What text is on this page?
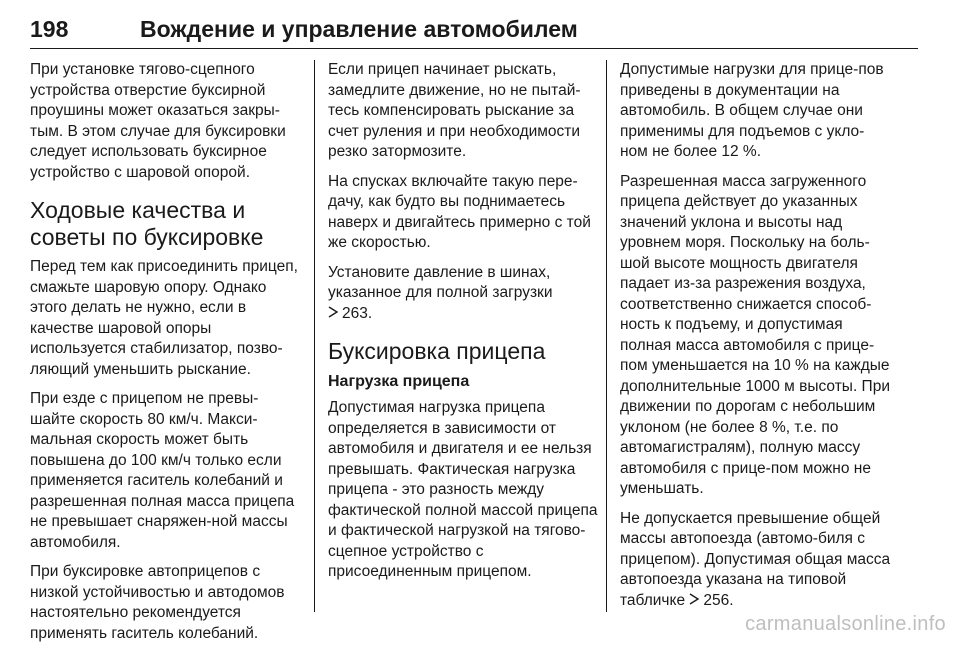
198	Вождение и управление автомобилем

При установке тягово-сцепного устройства отверстие буксирной проушины может оказаться закры-тым. В этом случае для буксировки следует использовать буксирное устройство с шаровой опорой.

Ходовые качества и советы по буксировке

Перед тем как присоединить прицеп, смажьте шаровую опору. Однако этого делать не нужно, если в качестве шаровой опоры используется стабилизатор, позво-ляющий уменьшить рыскание.

При езде с прицепом не превы-шайте скорость 80 км/ч. Макси-мальная скорость может быть повышена до 100 км/ч только если применяется гаситель колебаний и разрешенная полная масса прицепа не превышает снаряжен-ной массы автомобиля.

При буксировке автоприцепов с низкой устойчивостью и автодомов настоятельно рекомендуется применять гаситель колебаний.

Если прицеп начинает рыскать, замедлите движение, но не пытай-тесь компенсировать рыскание за счет руления и при необходимости резко затормозите.

На спусках включайте такую пере-дачу, как будто вы поднимаетесь наверх и двигайтесь примерно с той же скоростью.

Установите давление в шинах, указанное для полной загрузки
263.

Буксировка прицепа
Нагрузка прицепа

Допустимая нагрузка прицепа определяется в зависимости от автомобиля и двигателя и ее нельзя превышать. Фактическая нагрузка прицепа - это разность между фактической полной массой прицепа и фактической нагрузкой на тягово-сцепное устройство с присоединенным прицепом.

Допустимые нагрузки для прице-пов приведены в документации на автомобиль. В общем случае они применимы для подъемов с укло-ном не более 12 %.

Разрешенная масса загруженного прицепа действует до указанных значений уклона и высоты над уровнем моря. Поскольку на боль-шой высоте мощность двигателя падает из-за разрежения воздуха, соответственно снижается способ-ность к подъему, и допустимая полная масса автомобиля с прице-пом уменьшается на 10 % на каждые дополнительные 1000 м высоты. При движении по дорогам с небольшим уклоном (не более 8 %, т.е. по автомагистралям), полную массу автомобиля с прице-пом можно не уменьшать.

Не допускается превышение общей массы автопоезда (автомо-биля с прицепом). Допустимая общая масса автопоезда указана на типовой табличке 256.

carmanualsonline.info
